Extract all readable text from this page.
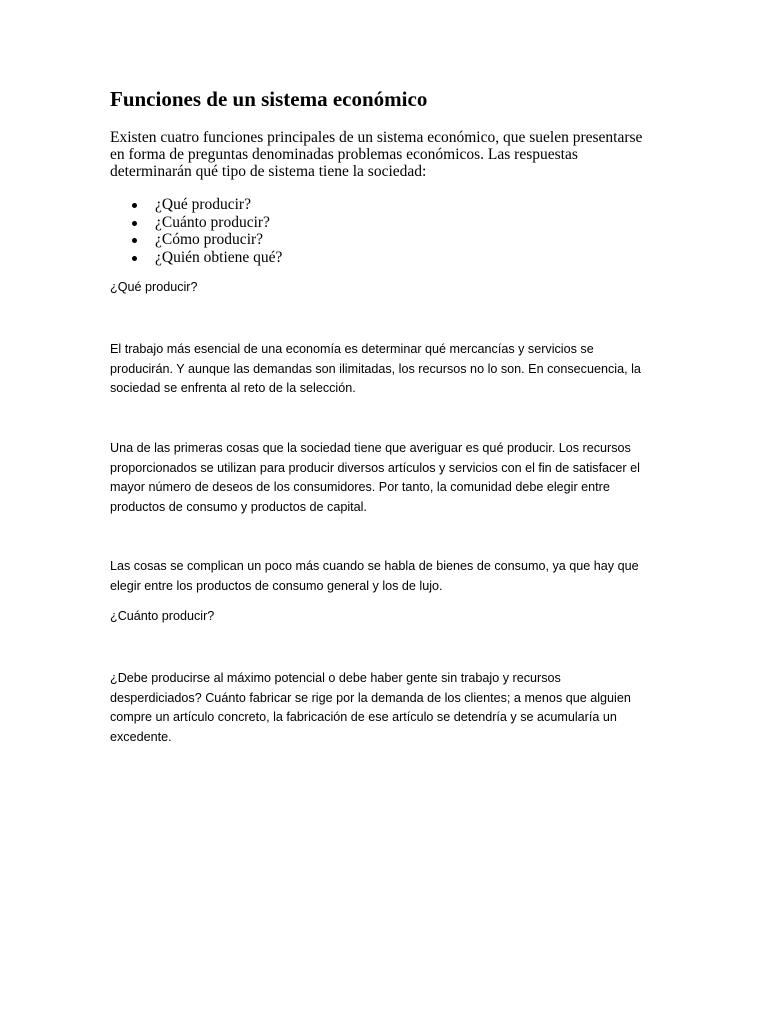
Funciones de un sistema económico

Existen cuatro funciones principales de un sistema económico, que suelen presentarse
en forma de preguntas denominadas problemas económicos. Las respuestas
determinarán qué tipo de sistema tiene la sociedad:

¿Qué producir?
¿Cuánto producir?
¿Cómo producir?
¿Quién obtiene qué?

¿Qué producir?

El trabajo más esencial de una economía es determinar qué mercancías y servicios se
producirán. Y aunque las demandas son ilimitadas, los recursos no lo son. En consecuencia, la
sociedad se enfrenta al reto de la selección.

Una de las primeras cosas que la sociedad tiene que averiguar es qué producir. Los recursos
proporcionados se utilizan para producir diversos artículos y servicios con el fin de satisfacer el
mayor número de deseos de los consumidores. Por tanto, la comunidad debe elegir entre
productos de consumo y productos de capital.

Las cosas se complican un poco más cuando se habla de bienes de consumo, ya que hay que
elegir entre los productos de consumo general y los de lujo.

¿Cuánto producir?

¿Debe producirse al máximo potencial o debe haber gente sin trabajo y recursos
desperdiciados? Cuánto fabricar se rige por la demanda de los clientes; a menos que alguien
compre un artículo concreto, la fabricación de ese artículo se detendría y se acumularía un
excedente.
